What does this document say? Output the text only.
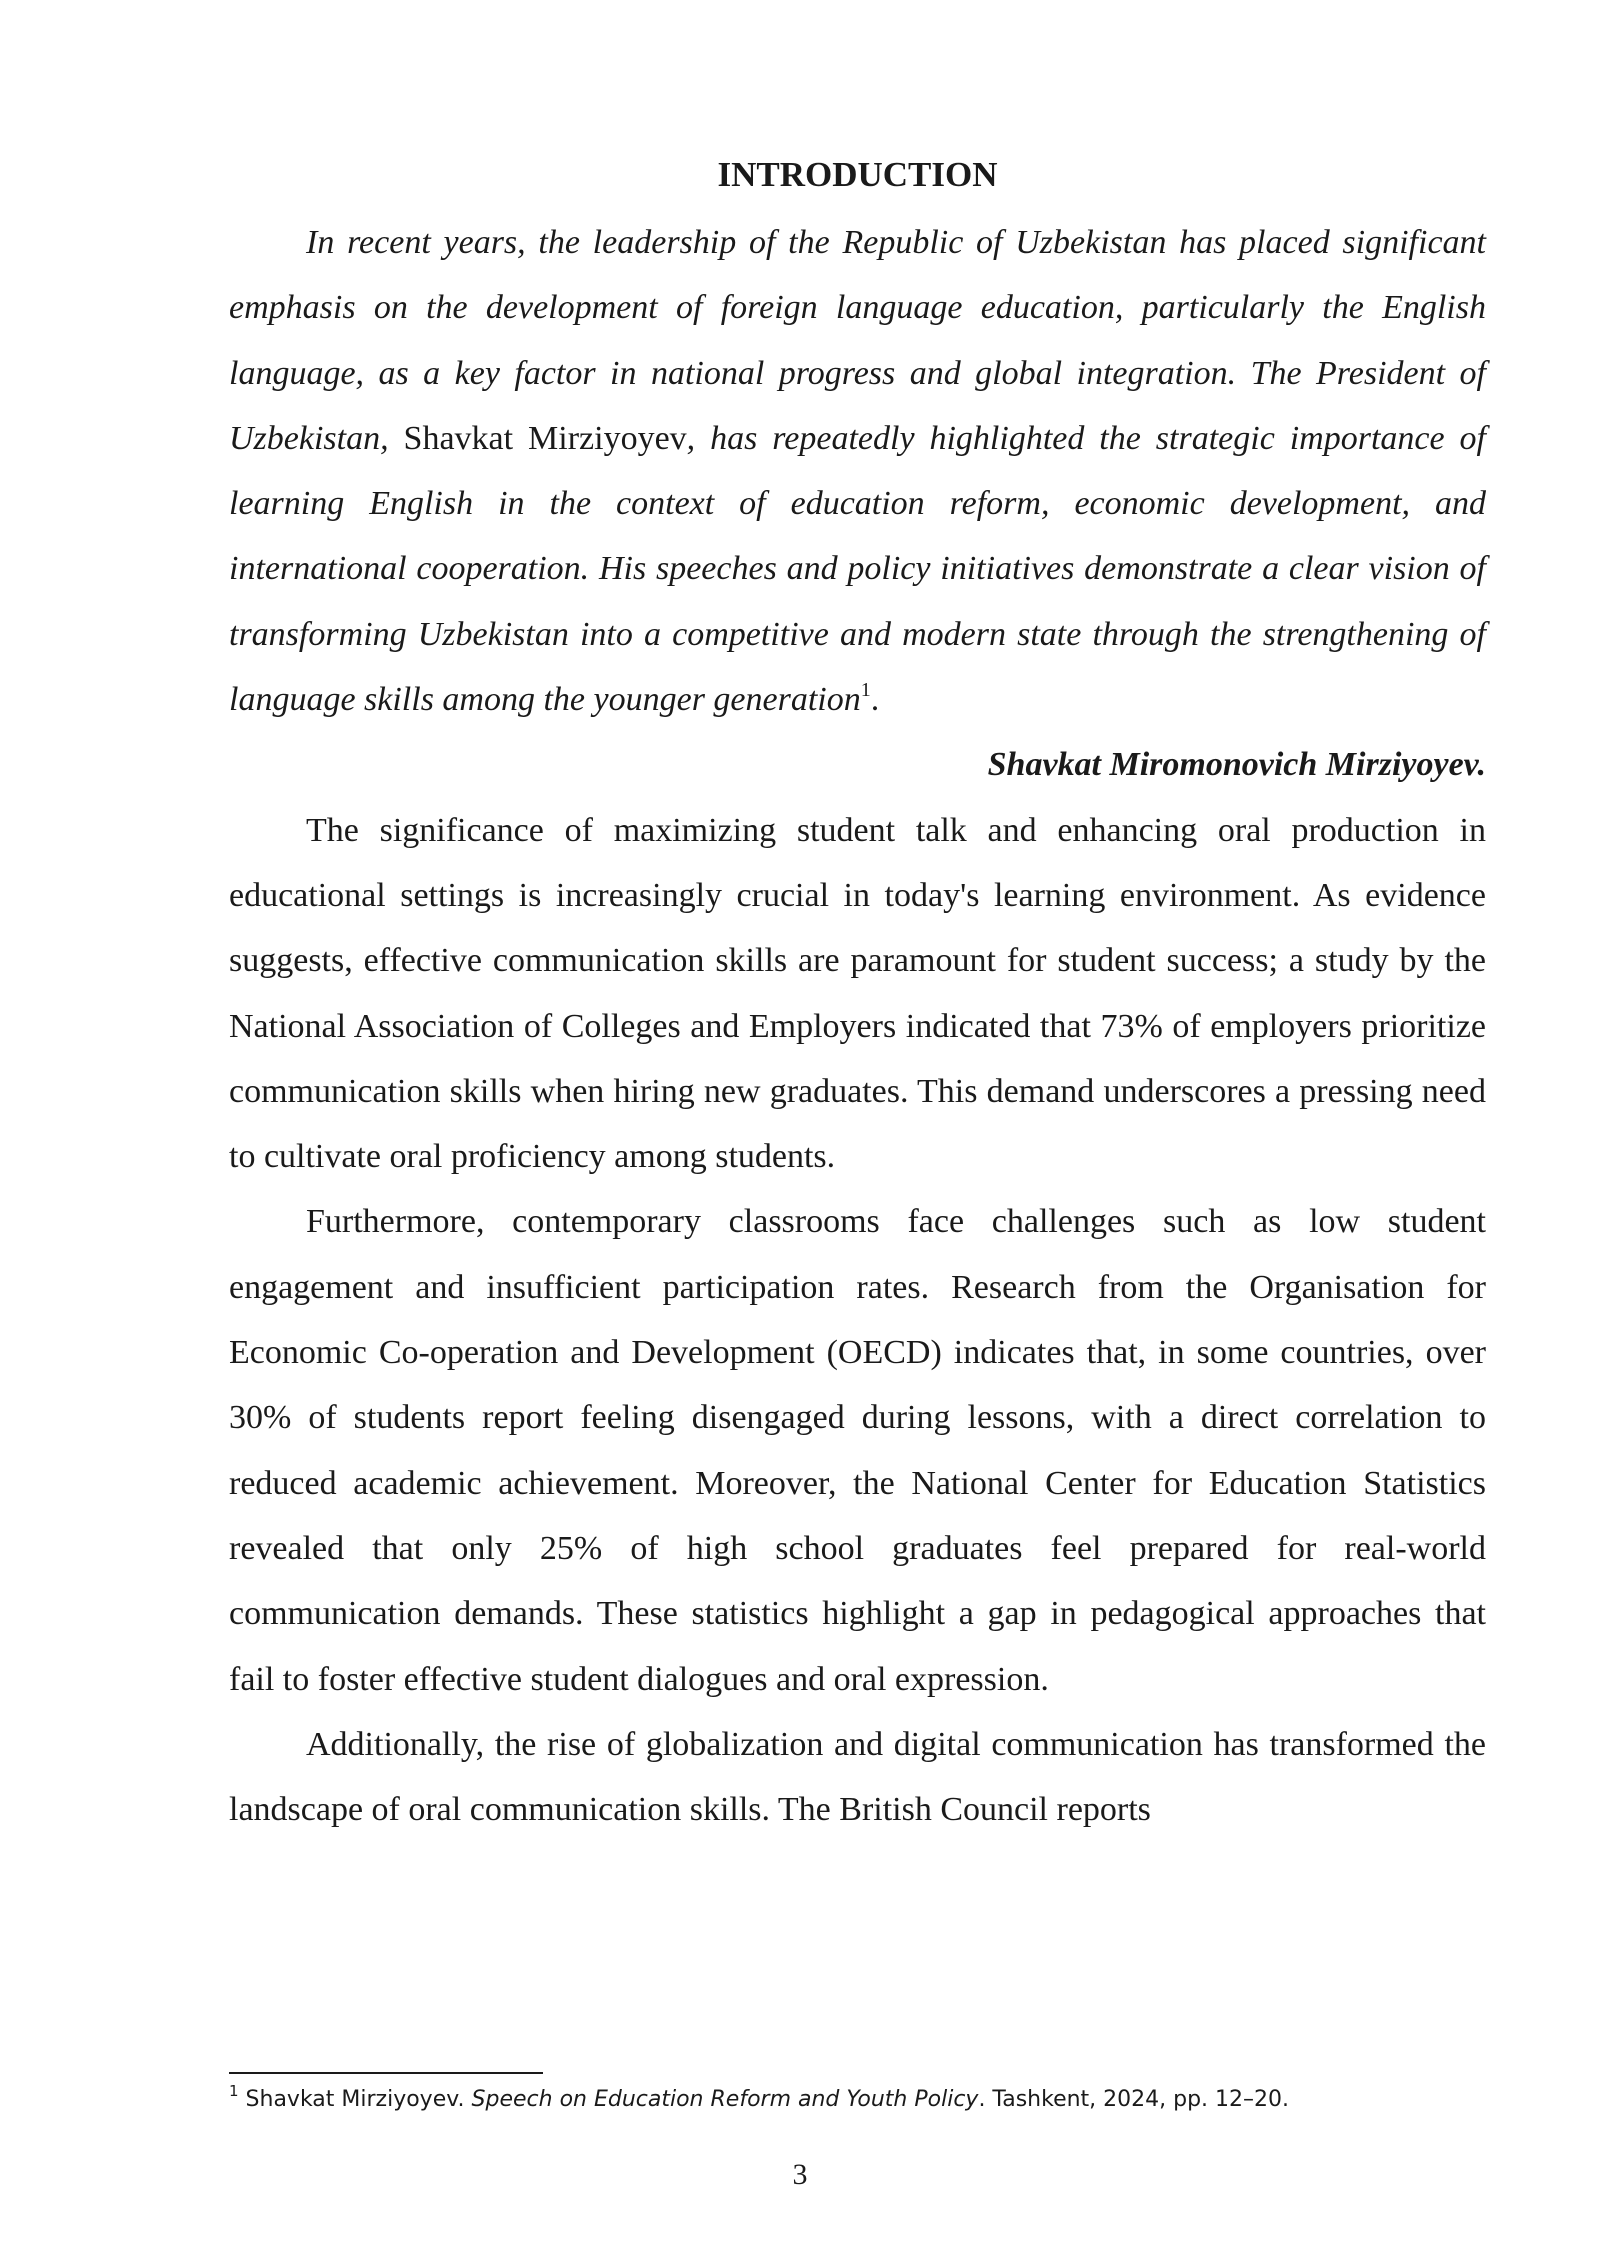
INTRODUCTION

In recent years, the leadership of the Republic of Uzbekistan has placed significant emphasis on the development of foreign language education, particularly the English language, as a key factor in national progress and global integration. The President of Uzbekistan, Shavkat Mirziyoyev, has repeatedly highlighted the strategic importance of learning English in the context of education reform, economic development, and international cooperation. His speeches and policy initiatives demonstrate a clear vision of transforming Uzbekistan into a competitive and modern state through the strengthening of language skills among the younger generation$^1$.

Shavkat Miromonovich Mirziyoyev.

The significance of maximizing student talk and enhancing oral production in educational settings is increasingly crucial in today's learning environment. As evidence suggests, effective communication skills are paramount for student success; a study by the National Association of Colleges and Employers indicated that 73% of employers prioritize communication skills when hiring new graduates. This demand underscores a pressing need to cultivate oral proficiency among students.

Furthermore, contemporary classrooms face challenges such as low student engagement and insufficient participation rates. Research from the Organisation for Economic Co-operation and Development (OECD) indicates that, in some countries, over 30% of students report feeling disengaged during lessons, with a direct correlation to reduced academic achievement. Moreover, the National Center for Education Statistics revealed that only 25% of high school graduates feel prepared for real-world communication demands. These statistics highlight a gap in pedagogical approaches that fail to foster effective student dialogues and oral expression.

Additionally, the rise of globalization and digital communication has transformed the landscape of oral communication skills. The British Council reports

$^1$ Shavkat Mirziyoyev. Speech on Education Reform and Youth Policy. Tashkent, 2024, pp. 12–20.

3
